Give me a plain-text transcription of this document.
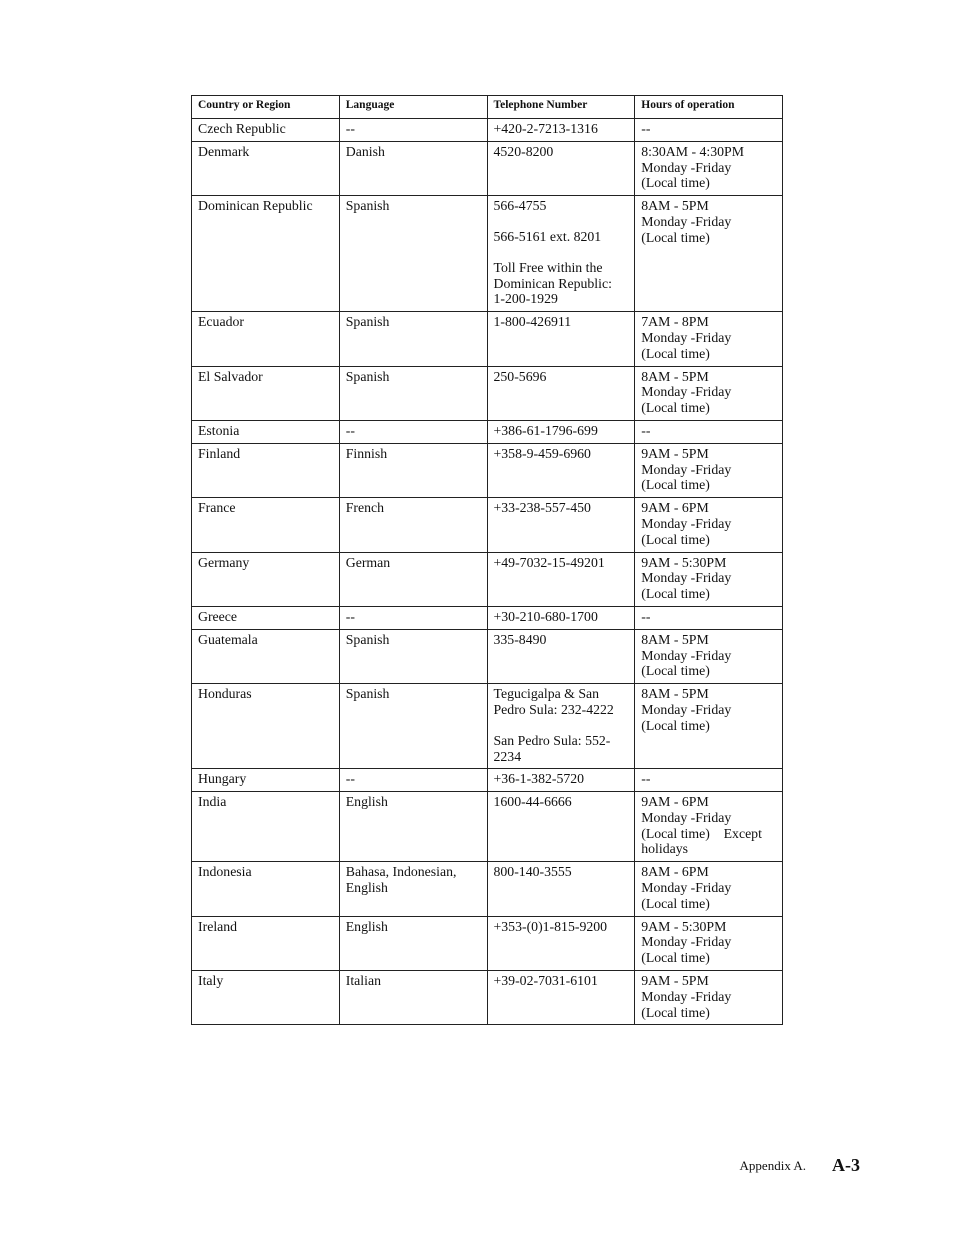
Country or Region	Language	Telephone Number	Hours of operation

Czech Republic	--	+420-2-7213-1316	--

Denmark	Danish	4520-8200	8:30AM - 4:30PM
Monday -Friday
(Local time)

Dominican Republic	Spanish	566-4755
566-5161 ext. 8201
Toll Free within the
Dominican Republic:
1-200-1929	8AM - 5PM
Monday -Friday
(Local time)

Ecuador	Spanish	1-800-426911	7AM - 8PM
Monday -Friday
(Local time)

El Salvador	Spanish	250-5696	8AM - 5PM
Monday -Friday
(Local time)

Estonia	--	+386-61-1796-699	--

Finland	Finnish	+358-9-459-6960	9AM - 5PM
Monday -Friday
(Local time)

France	French	+33-238-557-450	9AM - 6PM
Monday -Friday
(Local time)

Germany	German	+49-7032-15-49201	9AM - 5:30PM
Monday -Friday
(Local time)

Greece	--	+30-210-680-1700	--

Guatemala	Spanish	335-8490	8AM - 5PM
Monday -Friday
(Local time)

Honduras	Spanish	Tegucigalpa & San
Pedro Sula: 232-4222
San Pedro Sula: 552-
2234	8AM - 5PM
Monday -Friday
(Local time)

Hungary	--	+36-1-382-5720	--

India	English	1600-44-6666	9AM - 6PM
Monday -Friday
(Local time)    Except
holidays

Indonesia	Bahasa, Indonesian,
English	800-140-3555	8AM - 6PM
Monday -Friday
(Local time)

Ireland	English	+353-(0)1-815-9200	9AM - 5:30PM
Monday -Friday
(Local time)

Italy	Italian	+39-02-7031-6101	9AM - 5PM
Monday -Friday
(Local time)
Appendix A. A-3
